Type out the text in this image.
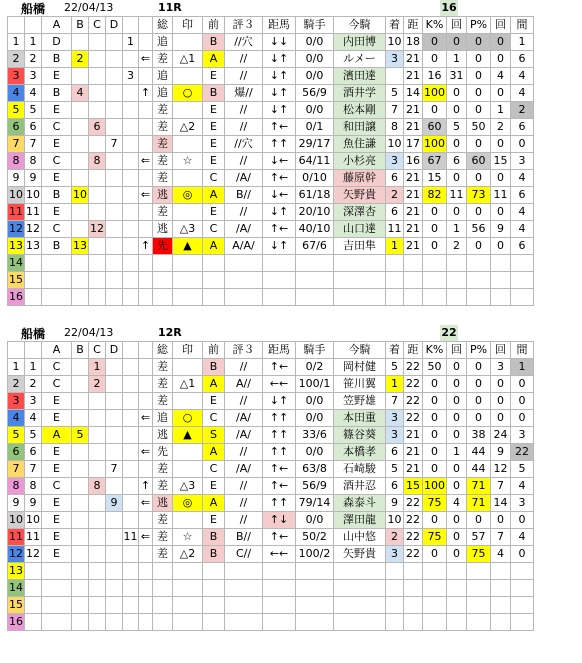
船橋 22/04/13	11R	16
		A	B	C	D			総	印	前	評３	距馬	騎手	今騎	着	距	K%	回	P%	回	間
1	1	D				1		追		B	//穴	↓↓	0/0	内田博	10	18	0	0	0	0	1
2	2	B	2				⇐	差	△1	A	//	↓↑	0/0	ルメー	3	21	0	1	0	0	6
3	3	E				3		追		E	//	↓↑	0/0	濱田達		21	16	31	0	4	4
4	4	B	4				↑	追	○	B	爆//	↓↑	56/9	酒井学	5	14	100	0	0	0	4
5	5	E						差		E	//	↓↑	0/0	松本剛	7	21	0	0	0	1	2
6	6	C		6				差	△2	E	//	↑←	0/1	和田譲	8	21	60	5	50	2	6
7	7	E			7			差		E	//穴	↑↑	29/17	魚住謙	10	17	100	0	0	0	0
8	8	C		8			⇐	差	☆	E	//	↓←	64/11	小杉亮	3	16	67	6	60	15	3
9	9	E						差		C	/A/	↑←	0/10	藤原幹	6	21	15	0	0	0	4
10	10	B	10				⇐	逃	◎	A	B//	↓←	61/18	矢野貴	2	21	82	11	73	11	6
11	11	E						差		E	//	↓↑	20/10	深澤杏	6	21	0	0	0	0	4
12	12	C		12				逃	△3	C	/A/	↑←	40/10	山口達	11	21	0	1	56	9	4
13	13	B	13				↑	先	▲	A	A/A/	↓↑	67/6	吉田隼	1	21	0	2	0	0	6
14																					
15																					
16																					
船橋 22/04/13	12R	22
		A	B	C	D			総	印	前	評３	距馬	騎手	今騎	着	距	K%	回	P%	回	間
1	1	C		1				差		B	//	↑←	0/2	岡村健	5	22	50	0	0	3	1
2	2	C		2				差	△1	A	A//	←←	100/1	笹川翼	1	22	0	0	0	0	0
3	3	E						差		E	//	↓↑	0/0	笠野雄	7	22	0	0	0	0	0
4	4	E					⇐	追	○	C	/A/	↑↑	0/0	本田重	3	22	0	0	0	0	0
5	5	A	5					逃	▲	S	/A/	↑↑	33/6	篠谷葵	3	21	0	0	38	24	3
6	6	E					⇐	先		A	//	↑↑	0/0	本橋孝	6	21	0	1	44	9	22
7	7	E			7			差		C	/A/	↑←	63/8	石崎駿	5	21	0	0	44	12	5
8	8	C		8			↑	差	△3	E	//	↑←	56/9	酒井忍	6	15	100	0	71	7	4
9	9	E			9		⇐	逃	◎	A	//	↑↑	79/14	森泰斗	9	22	75	4	71	14	3
10	10	E						差		E	//	↑↓	0/0	澤田龍	10	22	0	0	0	0	0
11	11	E				11	⇐	差	☆	B	B//	↑←	50/2	山中悠	2	22	75	0	57	7	4
12	12	E						差	△2	B	C//	←←	100/2	矢野貴	3	22	0	0	75	4	0
13																					
14																					
15																					
16																					
